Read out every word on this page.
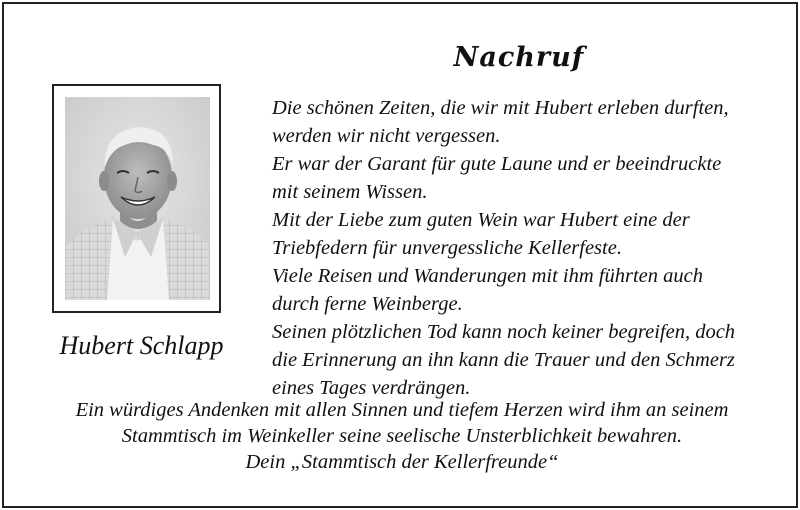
Nachruf
Hubert Schlapp
Die schönen Zeiten, die wir mit Hubert erleben durften,
werden wir nicht vergessen.
Er war der Garant für gute Laune und er beeindruckte
mit seinem Wissen.
Mit der Liebe zum guten Wein war Hubert eine der
Triebfedern für unvergessliche Kellerfeste.
Viele Reisen und Wanderungen mit ihm führten auch
durch ferne Weinberge.
Seinen plötzlichen Tod kann noch keiner begreifen, doch
die Erinnerung an ihn kann die Trauer und den Schmerz
eines Tages verdrängen.
Ein würdiges Andenken mit allen Sinnen und tiefem Herzen wird ihm an seinem
Stammtisch im Weinkeller seine seelische Unsterblichkeit bewahren.
Dein „Stammtisch der Kellerfreunde“
